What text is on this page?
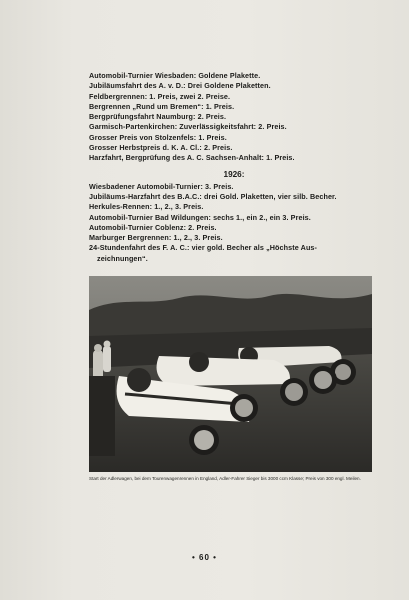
Automobil-Turnier Wiesbaden: Goldene Plakette.
Jubiläumsfahrt des A. v. D.: Drei Goldene Plaketten.
Feldbergrennen: 1. Preis, zwei 2. Preise.
Bergrennen „Rund um Bremen“: 1. Preis.
Bergprüfungsfahrt Naumburg: 2. Preis.
Garmisch-Partenkirchen: Zuverlässigkeitsfahrt: 2. Preis.
Grosser Preis von Stolzenfels: 1. Preis.
Grosser Herbstpreis d. K. A. Cl.: 2. Preis.
Harzfahrt, Bergprüfung des A. C. Sachsen-Anhalt: 1. Preis.
1926:
Wiesbadener Automobil-Turnier: 3. Preis.
Jubiläums-Harzfahrt des B.A.C.: drei Gold. Plaketten, vier silb. Becher.
Herkules-Rennen: 1., 2., 3. Preis.
Automobil-Turnier Bad Wildungen: sechs 1., ein 2., ein 3. Preis.
Automobil-Turnier Coblenz: 2. Preis.
Marburger Bergrennen: 1., 2., 3. Preis.
24-Stundenfahrt des F. A. C.: vier gold. Becher als „Höchste Aus-
zeichnungen“.
Start der Adlerwagen, bei dem Tourenwagenrennen in England, Adler-Fahrer Sieger bis 3000 ccm Klasse; Preis von 300 engl. Meilen.
• 60 •
